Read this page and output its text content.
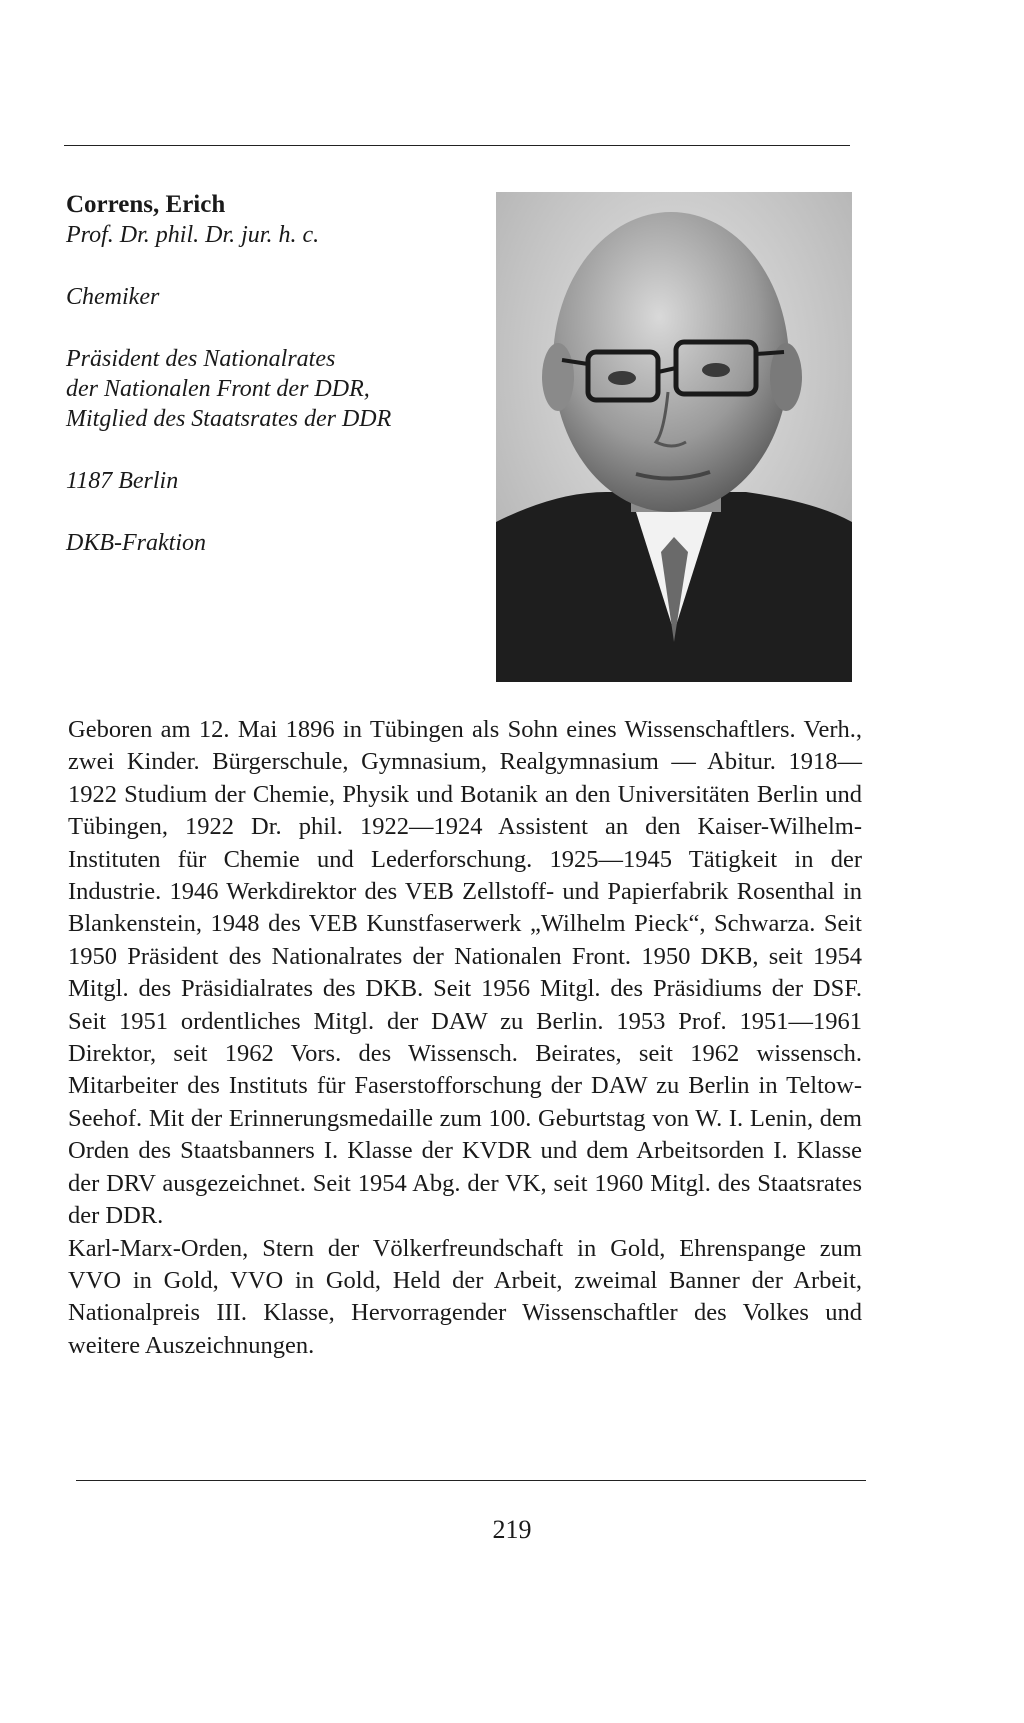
Correns, Erich

Prof. Dr. phil. Dr. jur. h. c.

Chemiker

Präsident des Nationalrates

der Nationalen Front der DDR,

Mitglied des Staatsrates der DDR

1187 Berlin

DKB-Fraktion

Geboren am 12. Mai 1896 in Tübingen als Sohn eines Wissenschaftlers. Verh., zwei Kinder. Bürgerschule, Gymnasium, Realgymnasium — Abitur. 1918—1922 Studium der Chemie, Physik und Botanik an den Universitäten Berlin und Tübingen, 1922 Dr. phil. 1922—1924 Assistent an den Kaiser-Wilhelm-Instituten für Chemie und Lederforschung. 1925—1945 Tätigkeit in der Industrie. 1946 Werkdirektor des VEB Zellstoff- und Papierfabrik Rosenthal in Blankenstein, 1948 des VEB Kunstfaserwerk „Wilhelm Pieck“, Schwarza. Seit 1950 Präsident des Nationalrates der Nationalen Front. 1950 DKB, seit 1954 Mitgl. des Präsidialrates des DKB. Seit 1956 Mitgl. des Präsidiums der DSF. Seit 1951 ordentliches Mitgl. der DAW zu Berlin. 1953 Prof. 1951—1961 Direktor, seit 1962 Vors. des Wissensch. Beirates, seit 1962 wissensch. Mitarbeiter des Instituts für Faserstofforschung der DAW zu Berlin in Teltow-Seehof. Mit der Erinnerungsmedaille zum 100. Geburtstag von W. I. Lenin, dem Orden des Staatsbanners I. Klasse der KVDR und dem Arbeitsorden I. Klasse der DRV ausgezeichnet. Seit 1954 Abg. der VK, seit 1960 Mitgl. des Staatsrates der DDR.

Karl-Marx-Orden, Stern der Völkerfreundschaft in Gold, Ehrenspange zum VVO in Gold, VVO in Gold, Held der Arbeit, zweimal Banner der Arbeit, Nationalpreis III. Klasse, Hervorragender Wissenschaftler des Volkes und weitere Auszeichnungen.

219
